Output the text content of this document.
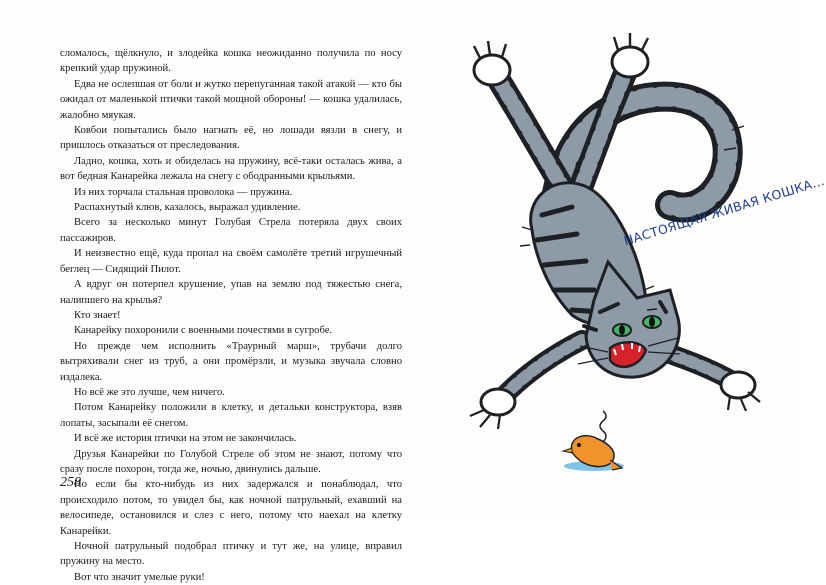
сломалось, щёлкнуло, и злодейка кошка неожиданно получила по носу крепкий удар пружиной.

Едва не ослепшая от боли и жутко перепуганная такой атакой — кто бы ожидал от маленькой птички такой мощной обороны! — кошка удалилась, жалобно мяукая.

Ковбои попытались было нагнать её, но лошади вязли в снегу, и пришлось отказаться от преследования.

Ладно, кошка, хоть и обиделась на пружину, всё-таки осталась жива, а вот бедная Канарейка лежала на снегу с ободранными крыльями.

Из них торчала стальная проволока — пружина.

Распахнутый клюв, казалось, выражал удивление.

Всего за несколько минут Голубая Стрела потеряла двух своих пассажиров.

И неизвестно ещё, куда пропал на своём самолёте третий игрушечный беглец — Сидящий Пилот.

А вдруг он потерпел крушение, упав на землю под тяжестью снега, налипшего на крылья?

Кто знает!

Канарейку похоронили с военными почестями в сугробе.

Но прежде чем исполнить «Траурный марш», трубачи долго вытряхивали снег из труб, а они промёрзли, и музыка звучала словно издалека.

Но всё же это лучше, чем ничего.

Потом Канарейку положили в клетку, и детальки конструктора, взяв лопаты, засыпали её снегом.

И всё же история птички на этом не закончилась.

Друзья Канарейки по Голубой Стреле об этом не знают, потому что сразу после похорон, тогда же, ночью, двинулись дальше.

Но если бы кто-нибудь из них задержался и понаблюдал, что происходило потом, то увидел бы, как ночной патрульный, ехавший на велосипеде, остановился и слез с него, потому что наехал на клетку Канарейки.

Ночной патрульный подобрал птичку и тут же, на улице, вправил пружину на место.

Вот что значит умелые руки!

258
НАСТОЯЩАЯ ЖИВАЯ КОШКА...
